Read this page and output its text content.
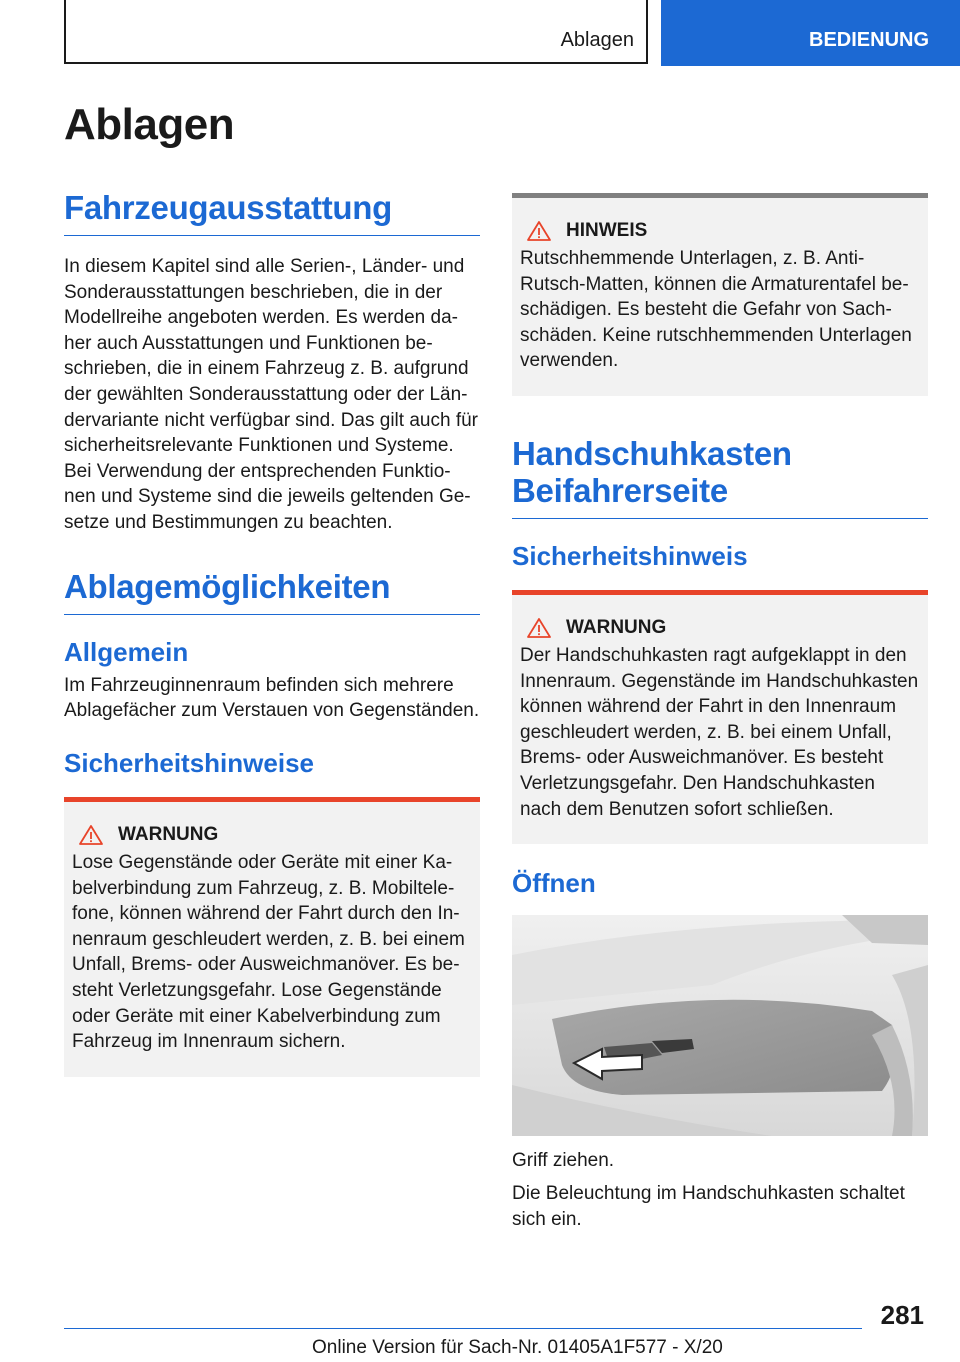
Ablagen	BEDIENUNG
Ablagen
Fahrzeugausstattung

In diesem Kapitel sind alle Serien-, Länder- und

Sonderausstattungen beschrieben, die in der

Modellreihe angeboten werden. Es werden da-

her auch Ausstattungen und Funktionen be-

schrieben, die in einem Fahrzeug z. B. aufgrund

der gewählten Sonderausstattung oder der Län-

dervariante nicht verfügbar sind. Das gilt auch für

sicherheitsrelevante Funktionen und Systeme.

Bei Verwendung der entsprechenden Funktio-

nen und Systeme sind die jeweils geltenden Ge-

setze und Bestimmungen zu beachten.

Ablagemöglichkeiten
Allgemein

Im Fahrzeuginnenraum befinden sich mehrere

Ablagefächer zum Verstauen von Gegenständen.

Sicherheitshinweise
WARNUNG

Lose Gegenstände oder Geräte mit einer Ka-

belverbindung zum Fahrzeug, z. B. Mobiltele-

fone, können während der Fahrt durch den In-

nenraum geschleudert werden, z. B. bei einem

Unfall, Brems- oder Ausweichmanöver. Es be-

steht Verletzungsgefahr. Lose Gegenstände

oder Geräte mit einer Kabelverbindung zum

Fahrzeug im Innenraum sichern.

HINWEIS

Rutschhemmende Unterlagen, z. B. Anti-

Rutsch-Matten, können die Armaturentafel be-

schädigen. Es besteht die Gefahr von Sach-

schäden. Keine rutschhemmenden Unterlagen

verwenden.

Handschuhkasten
Beifahrerseite
Sicherheitshinweis
WARNUNG

Der Handschuhkasten ragt aufgeklappt in den

Innenraum. Gegenstände im Handschuhkasten

können während der Fahrt in den Innenraum

geschleudert werden, z. B. bei einem Unfall,

Brems- oder Ausweichmanöver. Es besteht

Verletzungsgefahr. Den Handschuhkasten

nach dem Benutzen sofort schließen.

Öffnen

Griff ziehen.

Die Beleuchtung im Handschuhkasten schaltet

sich ein.

281
Online Version für Sach-Nr. 01405A1F577 - X/20
